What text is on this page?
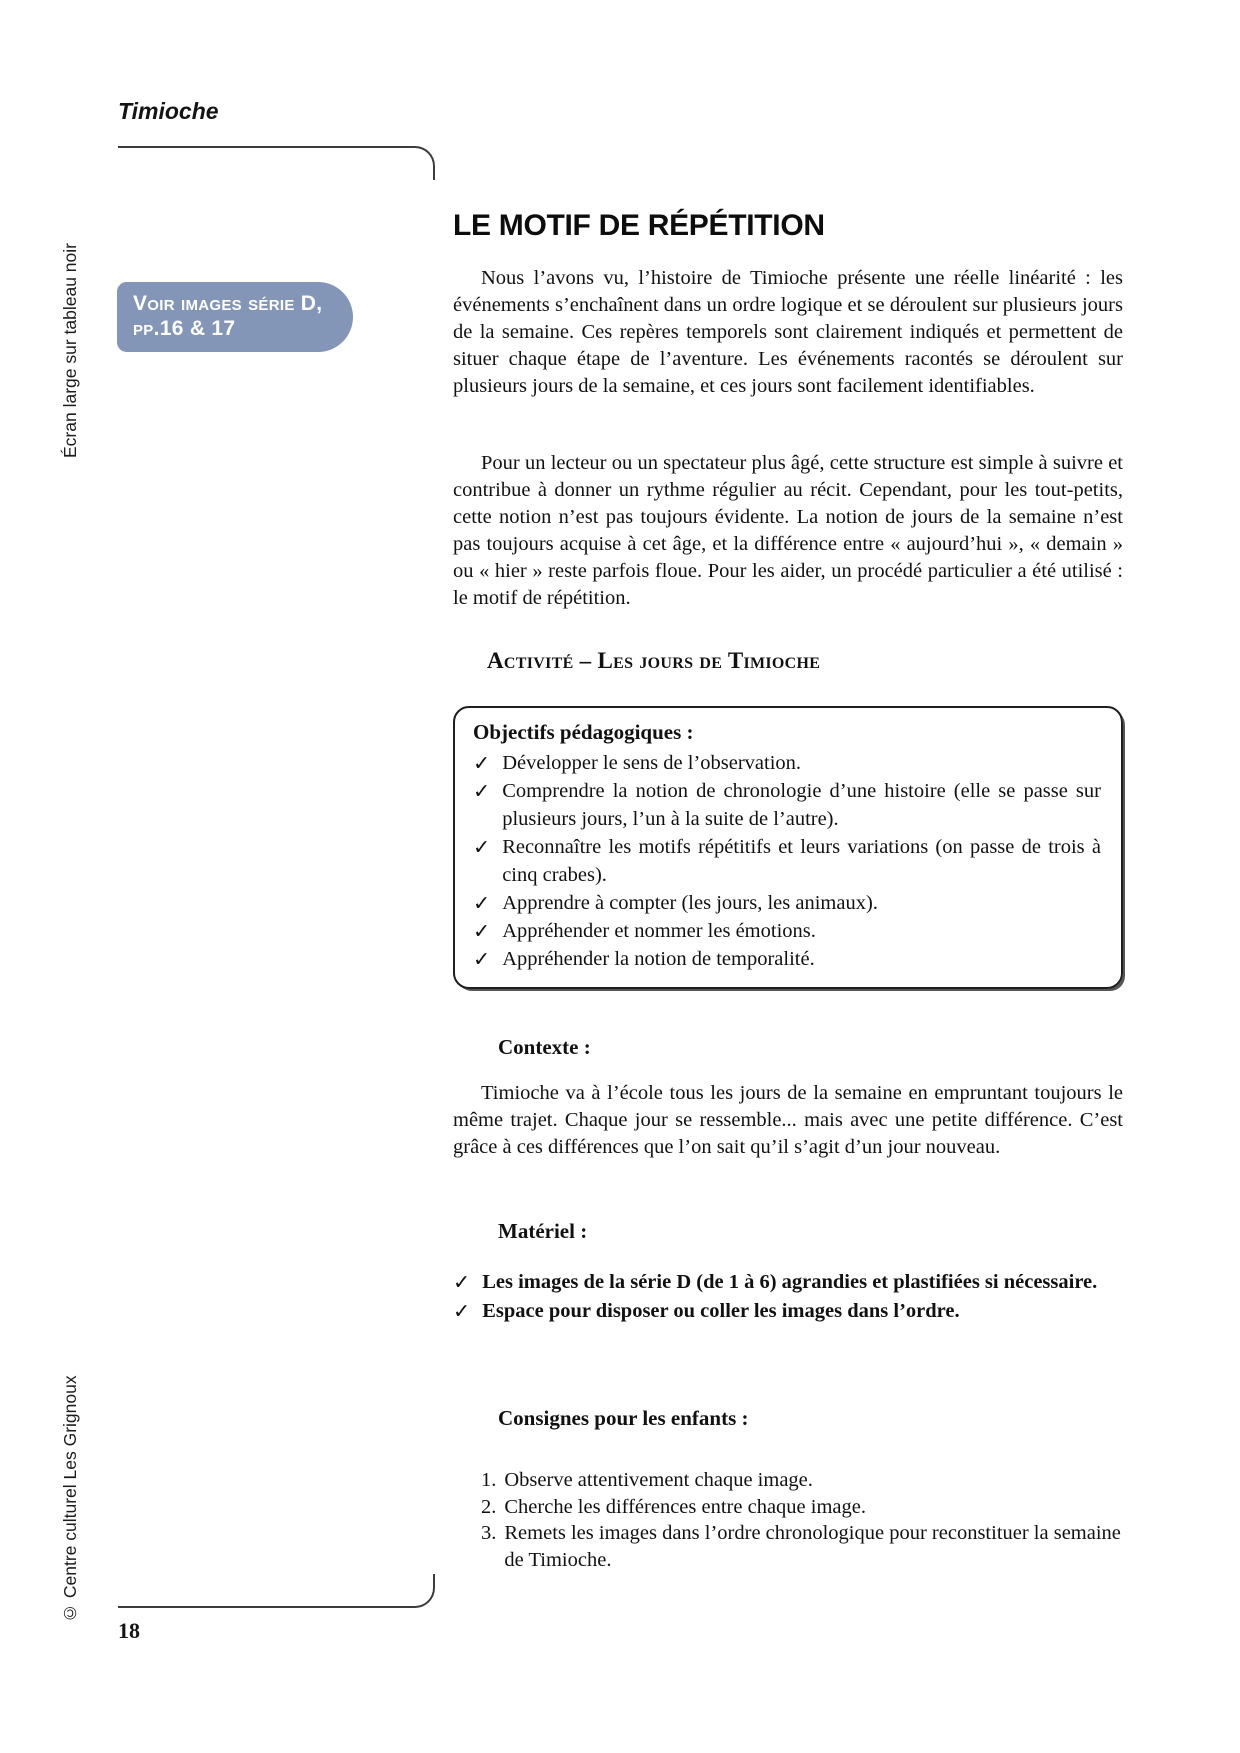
Timioche
Écran large sur tableau noir
© Centre culturel Les Grignoux
Voir images série D,
pp.16 & 17
LE MOTIF DE RÉPÉTITION

Nous l’avons vu, l’histoire de Timioche présente une réelle linéarité : les événements s’enchaînent dans un ordre logique et se déroulent sur plusieurs jours de la semaine. Ces repères temporels sont clairement indiqués et permettent de situer chaque étape de l’aventure. Les événements racontés se déroulent sur plusieurs jours de la semaine, et ces jours sont facilement identifiables.

Pour un lecteur ou un spectateur plus âgé, cette structure est simple à suivre et contribue à donner un rythme régulier au récit. Cependant, pour les tout-petits, cette notion n’est pas toujours évidente. La notion de jours de la semaine n’est pas toujours acquise à cet âge, et la différence entre « aujourd’hui », « demain » ou « hier » reste parfois floue. Pour les aider, un procédé particulier a été utilisé : le motif de répétition.

Activité – Les jours de Timioche

Objectifs pédagogiques :

✓ Développer le sens de l’observation.
✓ Comprendre la notion de chronologie d’une histoire (elle se passe sur plusieurs jours, l’un à la suite de l’autre).
✓ Reconnaître les motifs répétitifs et leurs variations (on passe de trois à cinq crabes).
✓ Apprendre à compter (les jours, les animaux).
✓ Appréhender et nommer les émotions.
✓ Appréhender la notion de temporalité.
Contexte :

Timioche va à l’école tous les jours de la semaine en empruntant toujours le même trajet. Chaque jour se ressemble... mais avec une petite différence. C’est grâce à ces différences que l’on sait qu’il s’agit d’un jour nouveau.

Matériel :
✓ Les images de la série D (de 1 à 6) agrandies et plastifiées si nécessaire.
✓ Espace pour disposer ou coller les images dans l’ordre.
Consignes pour les enfants :
1. Observe attentivement chaque image.
2. Cherche les différences entre chaque image.
3. Remets les images dans l’ordre chronologique pour reconstituer la semaine de Timioche.
18
